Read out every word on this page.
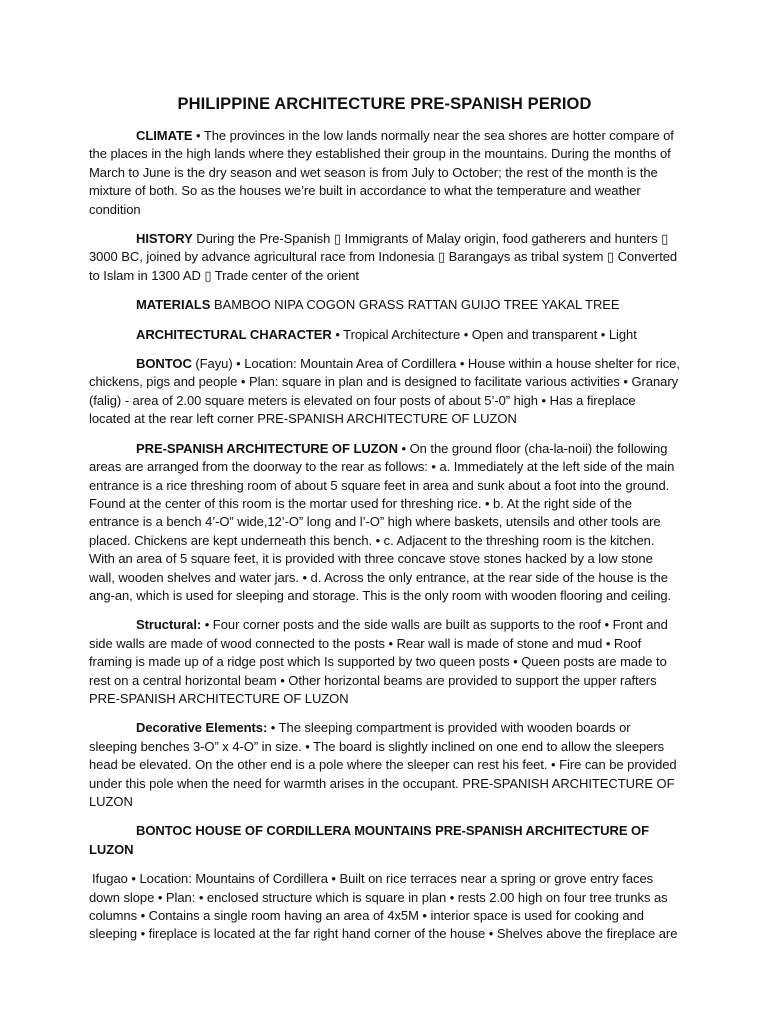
PHILIPPINE ARCHITECTURE PRE-SPANISH PERIOD

CLIMATE • The provinces in the low lands normally near the sea shores are hotter compare of the places in the high lands where they established their group in the mountains. During the months of March to June is the dry season and wet season is from July to October; the rest of the month is the mixture of both. So as the houses we’re built in accordance to what the temperature and weather condition

HISTORY During the Pre-Spanish ▯ Immigrants of Malay origin, food gatherers and hunters ▯ 3000 BC, joined by advance agricultural race from Indonesia ▯ Barangays as tribal system ▯ Converted to Islam in 1300 AD ▯ Trade center of the orient

MATERIALS BAMBOO NIPA COGON GRASS RATTAN GUIJO TREE YAKAL TREE

ARCHITECTURAL CHARACTER • Tropical Architecture • Open and transparent • Light

BONTOC (Fayu) • Location: Mountain Area of Cordillera • House within a house shelter for rice, chickens, pigs and people • Plan: square in plan and is designed to facilitate various activities • Granary (falig) - area of 2.00 square meters is elevated on four posts of about 5’-0” high • Has a fireplace located at the rear left corner PRE-SPANISH ARCHITECTURE OF LUZON

PRE-SPANISH ARCHITECTURE OF LUZON • On the ground floor (cha-la-noii) the following areas are arranged from the doorway to the rear as follows: • a. Immediately at the left side of the main entrance is a rice threshing room of about 5 square feet in area and sunk about a foot into the ground. Found at the center of this room is the mortar used for threshing rice. • b. At the right side of the entrance is a bench 4’-O” wide,12’-O” long and l’-O” high where baskets, utensils and other tools are placed. Chickens are kept underneath this bench. • c. Adjacent to the threshing room is the kitchen. With an area of 5 square feet, it is provided with three concave stove stones hacked by a low stone wall, wooden shelves and water jars. • d. Across the only entrance, at the rear side of the house is the ang-an, which is used for sleeping and storage. This is the only room with wooden flooring and ceiling.

Structural: • Four corner posts and the side walls are built as supports to the roof • Front and side walls are made of wood connected to the posts • Rear wall is made of stone and mud • Roof framing is made up of a ridge post which Is supported by two queen posts • Queen posts are made to rest on a central horizontal beam • Other horizontal beams are provided to support the upper rafters PRE-SPANISH ARCHITECTURE OF LUZON

Decorative Elements: • The sleeping compartment is provided with wooden boards or sleeping benches 3-O” x 4-O” in size. • The board is slightly inclined on one end to allow the sleepers head be elevated. On the other end is a pole where the sleeper can rest his feet. • Fire can be provided under this pole when the need for warmth arises in the occupant. PRE-SPANISH ARCHITECTURE OF LUZON

BONTOC HOUSE OF CORDILLERA MOUNTAINS PRE-SPANISH ARCHITECTURE OF LUZON

Ifugao • Location: Mountains of Cordillera • Built on rice terraces near a spring or grove entry faces down slope • Plan: • enclosed structure which is square in plan • rests 2.00 high on four tree trunks as columns • Contains a single room having an area of 4x5M • interior space is used for cooking and sleeping • fireplace is located at the far right hand corner of the house • Shelves above the fireplace are
